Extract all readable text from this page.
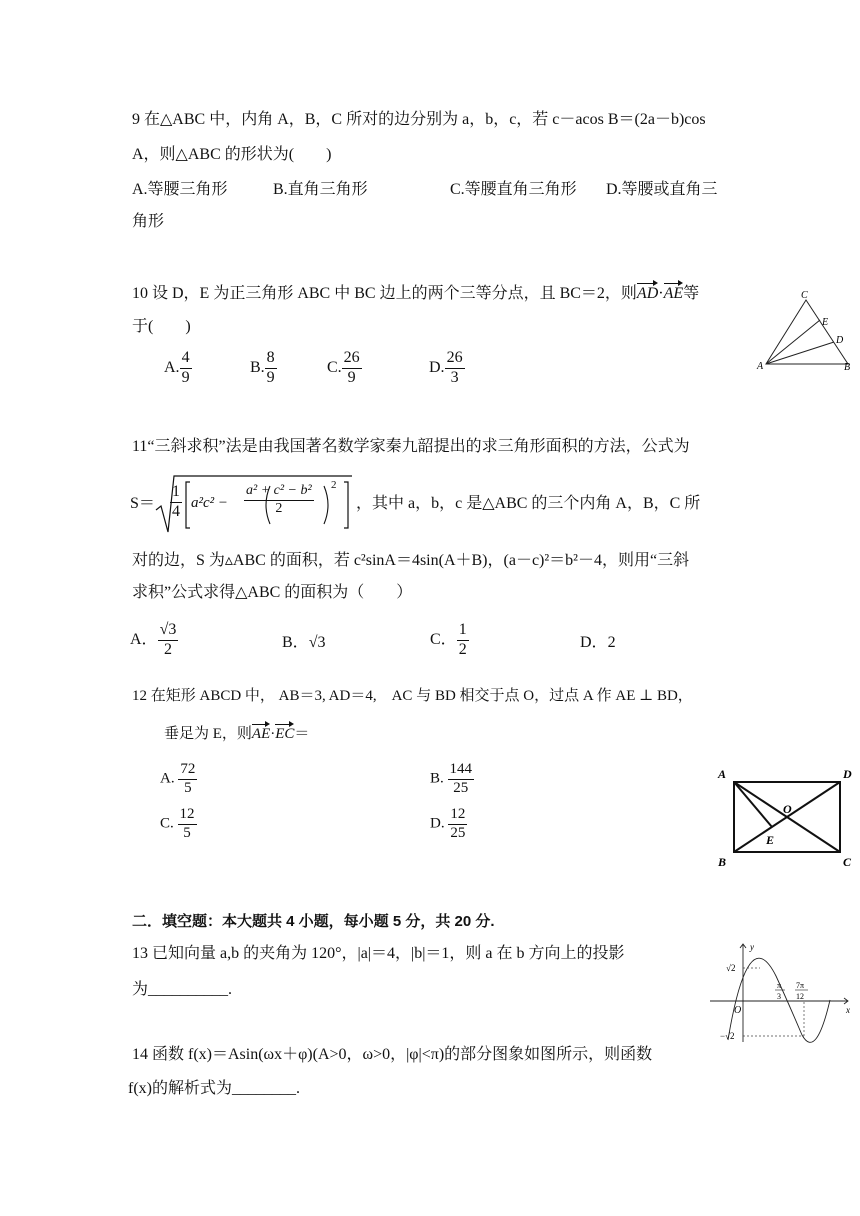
9 在△ABC 中，内角 A，B，C 所对的边分别为 a，b，c，若 c－acos B＝(2a－b)cos
A，则△ABC 的形状为(　　)
A.等腰三角形	B.直角三角形	C.等腰直角三角形 D.等腰或直角三
角形
10 设 D，E 为正三角形 ABC 中 BC 边上的两个三等分点，且 BC＝2，则AD·AE等
于(　　)
A. $\frac{4}{9}$	B. $\frac{8}{9}$	C. $\frac{26}{9}$	D. $\frac{26}{3}$	A	B
C
D
E
11“三斜求积”法是由我国著名数学家秦九韶提出的求三角形面积的方法，公式为
$S= \frac{1}{4} a^2c^2 - \frac{\text{a² + c² − b²}}{2} 2$
，其中 a，b，c 是△ABC 的三个内角 A，B，C 所
对的边，S 为▵ABC 的面积，若 c²sinA＝4sin(A＋B)，(a－c)²＝b²－4，则用“三斜
求积”公式求得△ABC 的面积为（　　）
A． $\frac{√3}{2}$	B．√3	C． $\frac{1}{2}$	D．2
12 在矩形 ABCD 中， AB＝3, AD＝4,　AC 与 BD 相交于点 O，过点 A 作 AE ⊥ BD，
垂足为 E，则AE·EC＝
A. $\frac{72}{5}$	B. $\frac{144}{25}$
C. $\frac{12}{5}$	D. $\frac{12}{25}$
A
B	C
D
O
E
二．填空题：本大题共 4 小题，每小题 5 分，共 20 分.
13 已知向量 a,b 的夹角为 120°，|a|＝4，|b|＝1，则 a 在 b 方向上的投影
为__________.
y
x
O
√2
−√2
π
3
7π
12
14 函数 f(x)＝Asin(ωx＋φ)(A>0，ω>0，|φ|<π)的部分图象如图所示，则函数
f(x)的解析式为________.
